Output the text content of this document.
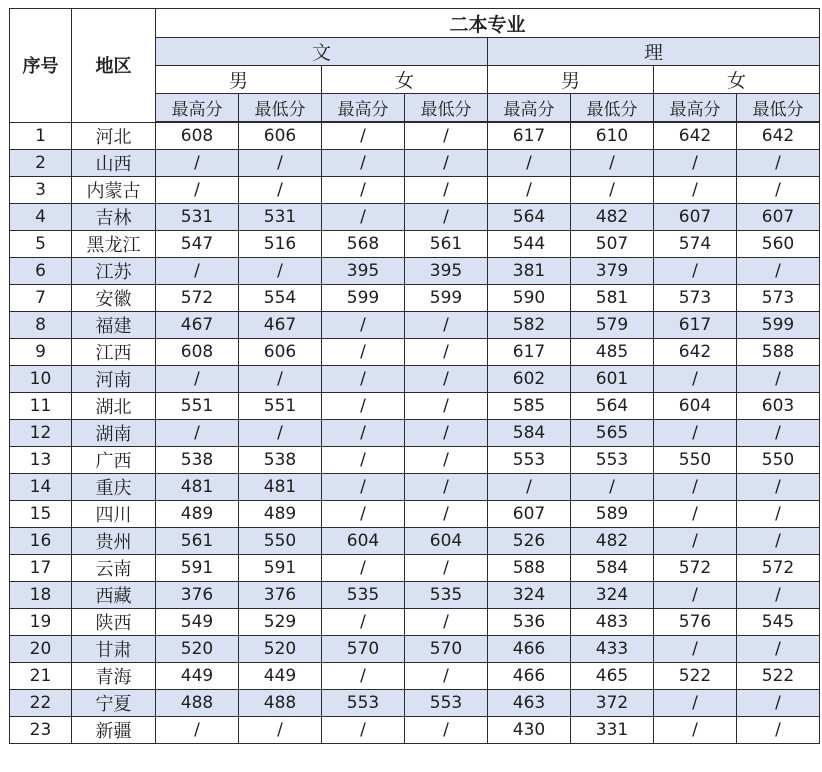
序号	地区	二本专业							
		文				理			
		男		女		男		女	
		最高分	最低分	最高分	最低分	最高分	最低分	最高分	最低分
1	河北	608	606	/	/	617	610	642	642
2	山西	/	/	/	/	/	/	/	/
3	内蒙古	/	/	/	/	/	/	/	/
4	吉林	531	531	/	/	564	482	607	607
5	黑龙江	547	516	568	561	544	507	574	560
6	江苏	/	/	395	395	381	379	/	/
7	安徽	572	554	599	599	590	581	573	573
8	福建	467	467	/	/	582	579	617	599
9	江西	608	606	/	/	617	485	642	588
10	河南	/	/	/	/	602	601	/	/
11	湖北	551	551	/	/	585	564	604	603
12	湖南	/	/	/	/	584	565	/	/
13	广西	538	538	/	/	553	553	550	550
14	重庆	481	481	/	/	/	/	/	/
15	四川	489	489	/	/	607	589	/	/
16	贵州	561	550	604	604	526	482	/	/
17	云南	591	591	/	/	588	584	572	572
18	西藏	376	376	535	535	324	324	/	/
19	陕西	549	529	/	/	536	483	576	545
20	甘肃	520	520	570	570	466	433	/	/
21	青海	449	449	/	/	466	465	522	522
22	宁夏	488	488	553	553	463	372	/	/
23	新疆	/	/	/	/	430	331	/	/
